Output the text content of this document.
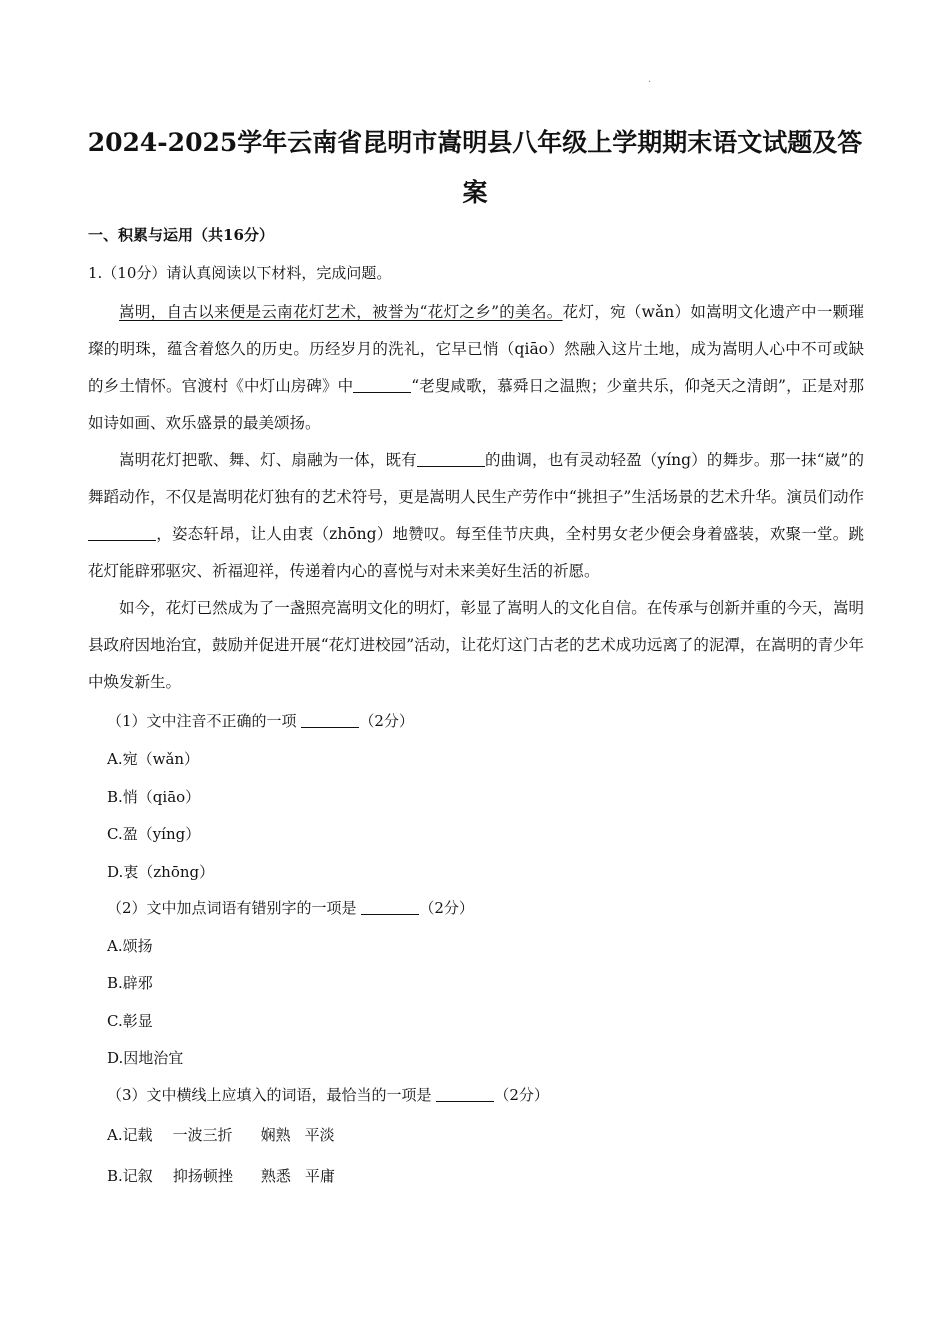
.
2024-2025学年云南省昆明市嵩明县八年级上学期期末语文试题及答案
一、积累与运用（共16分）
1.（10分）请认真阅读以下材料，完成问题。

嵩明，自古以来便是云南花灯艺术，被誉为“花灯之乡”的美名。花灯，宛（wǎn）如嵩明文化遗产中一颗璀璨的明珠，蕴含着悠久的历史。历经岁月的洗礼，它早已悄（qiāo）然融入这片土地，成为嵩明人心中不可或缺的乡土情怀。官渡村《中灯山房碑》中	“老叟咸歌，慕舜日之温煦；少童共乐，仰尧天之清朗”，正是对那如诗如画、欢乐盛景的最美颂扬。

嵩明花灯把歌、舞、灯、扇融为一体，既有	的曲调，也有灵动轻盈（yíng）的舞步。那一抹“崴”的舞蹈动作，不仅是嵩明花灯独有的艺术符号，更是嵩明人民生产劳作中“挑担子”生活场景的艺术升华。演员们动作，姿态轩昂，让人由衷（zhōng）地赞叹。每至佳节庆典，全村男女老少便会身着盛装，欢聚一堂。跳花灯能辟邪驱灾、祈福迎祥，传递着内心的喜悦与对未来美好生活的祈愿。

如今，花灯已然成为了一盏照亮嵩明文化的明灯，彰显了嵩明人的文化自信。在传承与创新并重的今天，嵩明县政府因地治宜，鼓励并促进开展“花灯进校园”活动，让花灯这门古老的艺术成功远离了的泥潭，在嵩明的青少年中焕发新生。

（1）文中注音不正确的一项	（2分）
A.宛（wǎn）
B.悄（qiāo）
C.盈（yíng）
D.衷（zhōng）
（2）文中加点词语有错别字的一项是	（2分）
A.颂扬
B.辟邪
C.彰显
D.因地治宜
（3）文中横线上应填入的词语，最恰当的一项是	（2分）
A.记载 一波三折 娴熟 平淡
B.记叙 抑扬顿挫 熟悉 平庸
